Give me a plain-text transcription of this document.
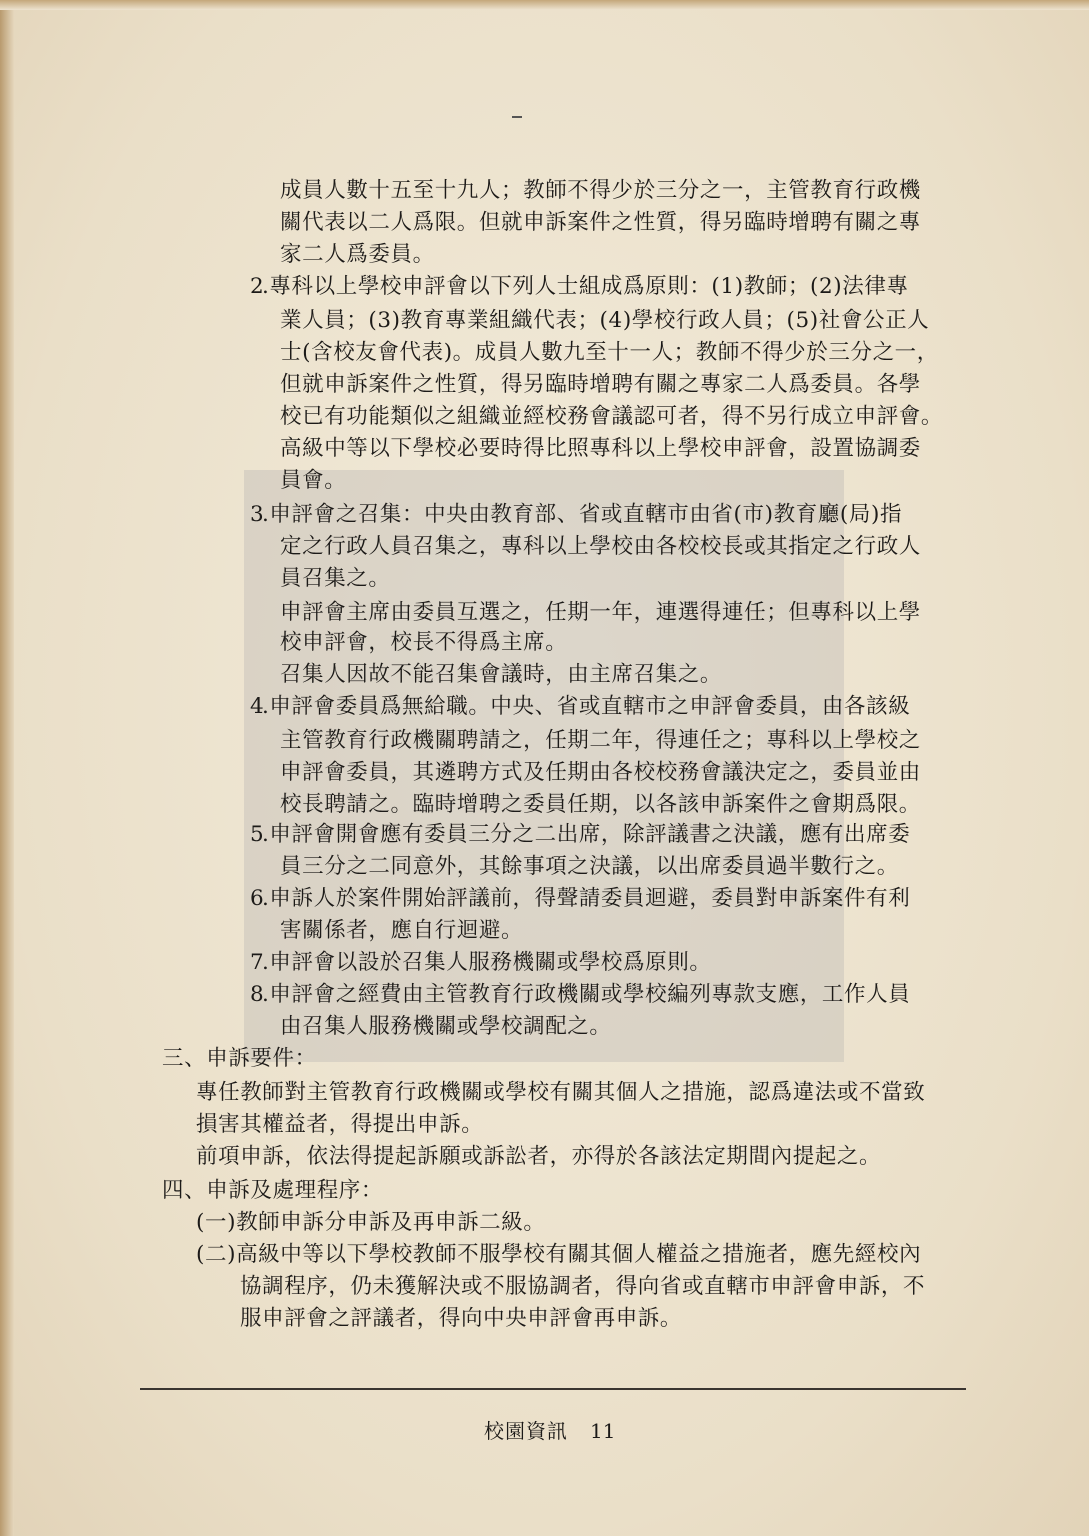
成員人數十五至十九人；教師不得少於三分之一，主管教育行政機
關代表以二人爲限。但就申訴案件之性質，得另臨時增聘有關之專
家二人爲委員。
2
.專科以上學校申評會以下列人士組成爲原則：(1)教師；(2)法律專
業人員；(3)教育專業組織代表；(4)學校行政人員；(5)社會公正人
士(含校友會代表)。成員人數九至十一人；教師不得少於三分之一，
但就申訴案件之性質，得另臨時增聘有關之專家二人爲委員。各學
校已有功能類似之組織並經校務會議認可者，得不另行成立申評會。
高級中等以下學校必要時得比照專科以上學校申評會，設置協調委
員會。
3
.申評會之召集：中央由教育部、省或直轄市由省(市)教育廳(局)指
定之行政人員召集之，專科以上學校由各校校長或其指定之行政人
員召集之。
申評會主席由委員互選之，任期一年，連選得連任；但專科以上學
校申評會，校長不得爲主席。
召集人因故不能召集會議時，由主席召集之。
4
.申評會委員爲無給職。中央、省或直轄市之申評會委員，由各該級
主管教育行政機關聘請之，任期二年，得連任之；專科以上學校之
申評會委員，其遴聘方式及任期由各校校務會議決定之，委員並由
校長聘請之。臨時增聘之委員任期，以各該申訴案件之會期爲限。
5
.申評會開會應有委員三分之二出席，除評議書之決議，應有出席委
員三分之二同意外，其餘事項之決議，以出席委員過半數行之。
6
.申訴人於案件開始評議前，得聲請委員迴避，委員對申訴案件有利
害關係者，應自行迴避。
7
.申評會以設於召集人服務機關或學校爲原則。
8
.申評會之經費由主管教育行政機關或學校編列專款支應，工作人員
由召集人服務機關或學校調配之。
三、申訴要件：
專任教師對主管教育行政機關或學校有關其個人之措施，認爲違法或不當致
損害其權益者，得提出申訴。
前項申訴，依法得提起訴願或訴訟者，亦得於各該法定期間內提起之。
四、申訴及處理程序：
(一)教師申訴分申訴及再申訴二級。
(二)高級中等以下學校教師不服學校有關其個人權益之措施者，應先經校內
協調程序，仍未獲解決或不服協調者，得向省或直轄市申評會申訴，不
服申評會之評議者，得向中央申評會再申訴。
校園資訊 11
